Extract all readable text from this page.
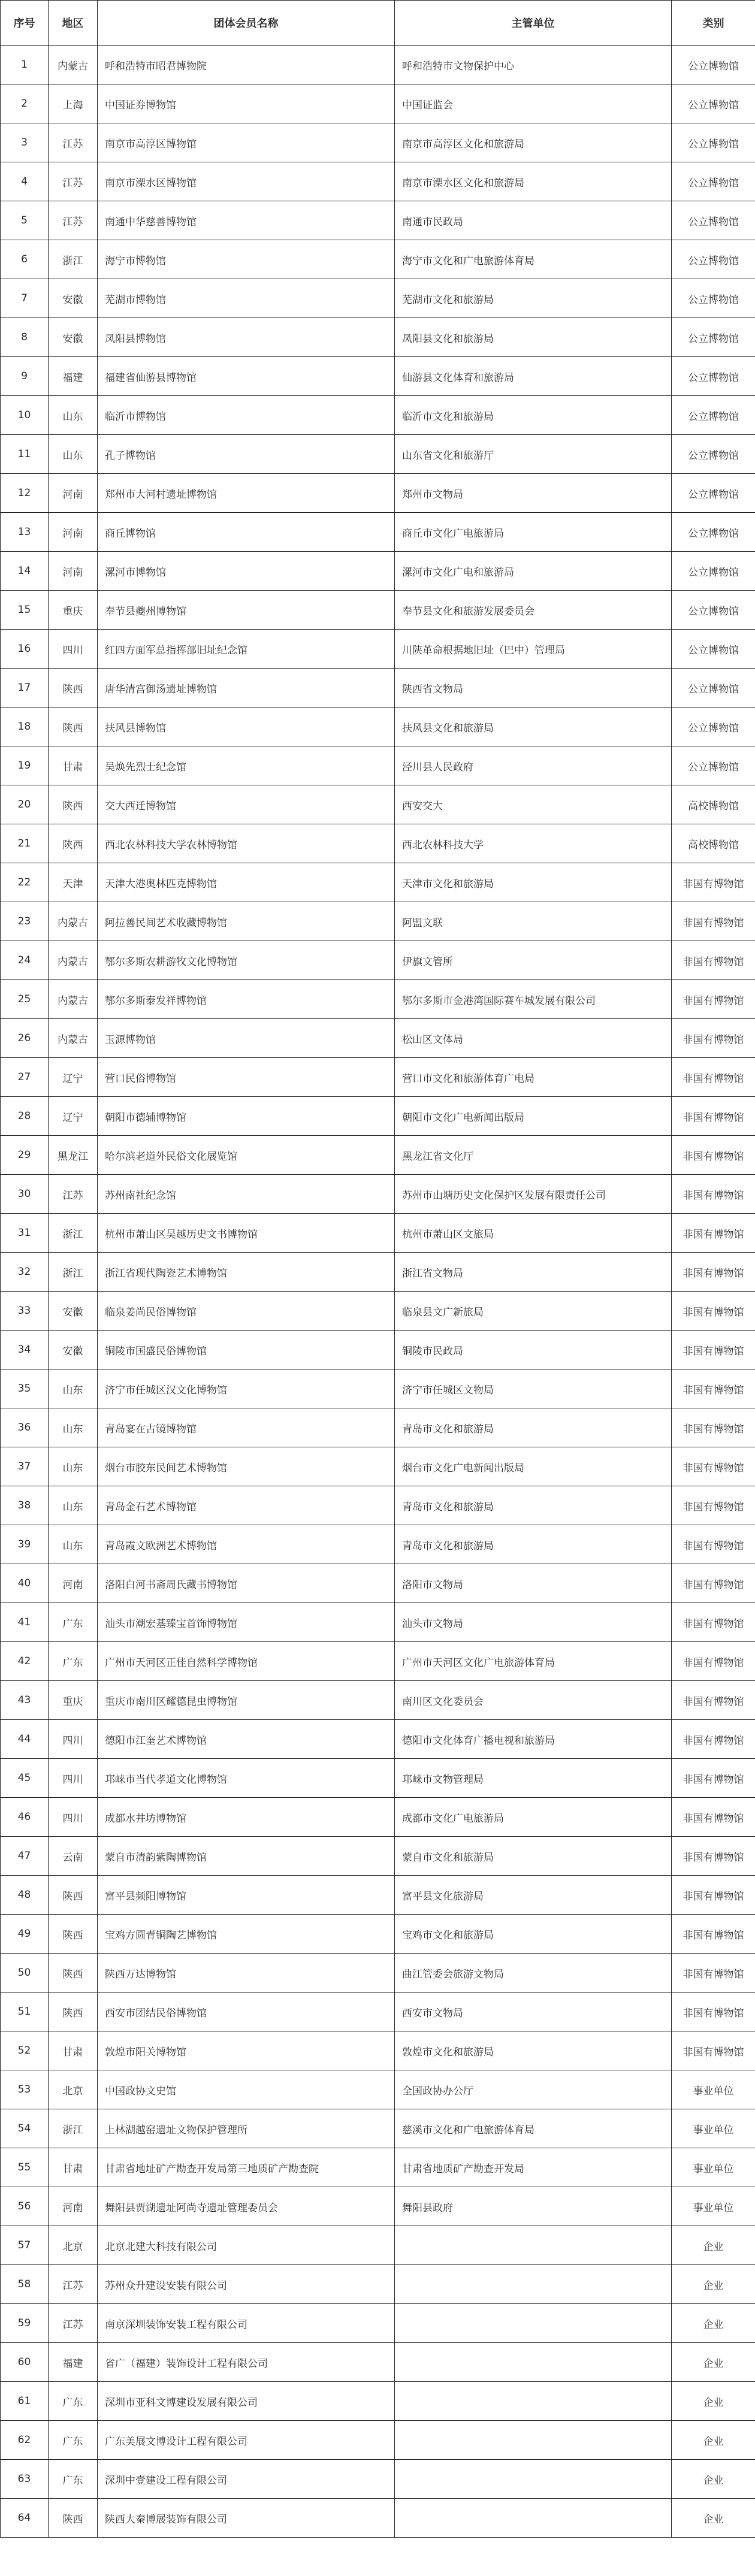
序号	地区	团体会员名称	主管单位	类别
1	内蒙古	呼和浩特市昭君博物院	呼和浩特市文物保护中心	公立博物馆
2	上海	中国证券博物馆	中国证监会	公立博物馆
3	江苏	南京市高淳区博物馆	南京市高淳区文化和旅游局	公立博物馆
4	江苏	南京市溧水区博物馆	南京市溧水区文化和旅游局	公立博物馆
5	江苏	南通中华慈善博物馆	南通市民政局	公立博物馆
6	浙江	海宁市博物馆	海宁市文化和广电旅游体育局	公立博物馆
7	安徽	芜湖市博物馆	芜湖市文化和旅游局	公立博物馆
8	安徽	凤阳县博物馆	凤阳县文化和旅游局	公立博物馆
9	福建	福建省仙游县博物馆	仙游县文化体育和旅游局	公立博物馆
10	山东	临沂市博物馆	临沂市文化和旅游局	公立博物馆
11	山东	孔子博物馆	山东省文化和旅游厅	公立博物馆
12	河南	郑州市大河村遗址博物馆	郑州市文物局	公立博物馆
13	河南	商丘博物馆	商丘市文化广电旅游局	公立博物馆
14	河南	漯河市博物馆	漯河市文化广电和旅游局	公立博物馆
15	重庆	奉节县夔州博物馆	奉节县文化和旅游发展委员会	公立博物馆
16	四川	红四方面军总指挥部旧址纪念馆	川陕革命根据地旧址（巴中）管理局	公立博物馆
17	陕西	唐华清宫御汤遗址博物馆	陕西省文物局	公立博物馆
18	陕西	扶风县博物馆	扶风县文化和旅游局	公立博物馆
19	甘肃	吴焕先烈士纪念馆	泾川县人民政府	公立博物馆
20	陕西	交大西迁博物馆	西安交大	高校博物馆
21	陕西	西北农林科技大学农林博物馆	西北农林科技大学	高校博物馆
22	天津	天津大港奥林匹克博物馆	天津市文化和旅游局	非国有博物馆
23	内蒙古	阿拉善民间艺术收藏博物馆	阿盟文联	非国有博物馆
24	内蒙古	鄂尔多斯农耕游牧文化博物馆	伊旗文管所	非国有博物馆
25	内蒙古	鄂尔多斯泰发祥博物馆	鄂尔多斯市金港湾国际赛车城发展有限公司	非国有博物馆
26	内蒙古	玉源博物馆	松山区文体局	非国有博物馆
27	辽宁	营口民俗博物馆	营口市文化和旅游体育广电局	非国有博物馆
28	辽宁	朝阳市德辅博物馆	朝阳市文化广电新闻出版局	非国有博物馆
29	黑龙江	哈尔滨老道外民俗文化展览馆	黑龙江省文化厅	非国有博物馆
30	江苏	苏州南社纪念馆	苏州市山塘历史文化保护区发展有限责任公司	非国有博物馆
31	浙江	杭州市萧山区吴越历史文书博物馆	杭州市萧山区文旅局	非国有博物馆
32	浙江	浙江省现代陶瓷艺术博物馆	浙江省文物局	非国有博物馆
33	安徽	临泉姜尚民俗博物馆	临泉县文广新旅局	非国有博物馆
34	安徽	铜陵市国盛民俗博物馆	铜陵市民政局	非国有博物馆
35	山东	济宁市任城区汉文化博物馆	济宁市任城区文物局	非国有博物馆
36	山东	青岛宴在古镜博物馆	青岛市文化和旅游局	非国有博物馆
37	山东	烟台市胶东民间艺术博物馆	烟台市文化广电新闻出版局	非国有博物馆
38	山东	青岛金石艺术博物馆	青岛市文化和旅游局	非国有博物馆
39	山东	青岛霞文欧洲艺术博物馆	青岛市文化和旅游局	非国有博物馆
40	河南	洛阳白河书斋周氏藏书博物馆	洛阳市文物局	非国有博物馆
41	广东	汕头市潮宏基臻宝首饰博物馆	汕头市文物局	非国有博物馆
42	广东	广州市天河区正佳自然科学博物馆	广州市天河区文化广电旅游体育局	非国有博物馆
43	重庆	重庆市南川区耀德昆虫博物馆	南川区文化委员会	非国有博物馆
44	四川	德阳市江奎艺术博物馆	德阳市文化体育广播电视和旅游局	非国有博物馆
45	四川	邛崃市当代孝道文化博物馆	邛崃市文物管理局	非国有博物馆
46	四川	成都水井坊博物馆	成都市文化广电旅游局	非国有博物馆
47	云南	蒙自市清韵紫陶博物馆	蒙自市文化和旅游局	非国有博物馆
48	陕西	富平县频阳博物馆	富平县文化旅游局	非国有博物馆
49	陕西	宝鸡方圆青铜陶艺博物馆	宝鸡市文化和旅游局	非国有博物馆
50	陕西	陕西万达博物馆	曲江管委会旅游文物局	非国有博物馆
51	陕西	西安市团结民俗博物馆	西安市文物局	非国有博物馆
52	甘肃	敦煌市阳关博物馆	敦煌市文化和旅游局	非国有博物馆
53	北京	中国政协文史馆	全国政协办公厅	事业单位
54	浙江	上林湖越窑遗址文物保护管理所	慈溪市文化和广电旅游体育局	事业单位
55	甘肃	甘肃省地址矿产勘查开发局第三地质矿产勘查院	甘肃省地质矿产勘查开发局	事业单位
56	河南	舞阳县贾湖遗址阿尚寺遗址管理委员会	舞阳县政府	事业单位
57	北京	北京北建大科技有限公司		企业
58	江苏	苏州众升建设安装有限公司		企业
59	江苏	南京深圳装饰安装工程有限公司		企业
60	福建	省广（福建）装饰设计工程有限公司		企业
61	广东	深圳市亚科文博建设发展有限公司		企业
62	广东	广东美展文博设计工程有限公司		企业
63	广东	深圳中壹建设工程有限公司		企业
64	陕西	陕西大秦博展装饰有限公司		企业
